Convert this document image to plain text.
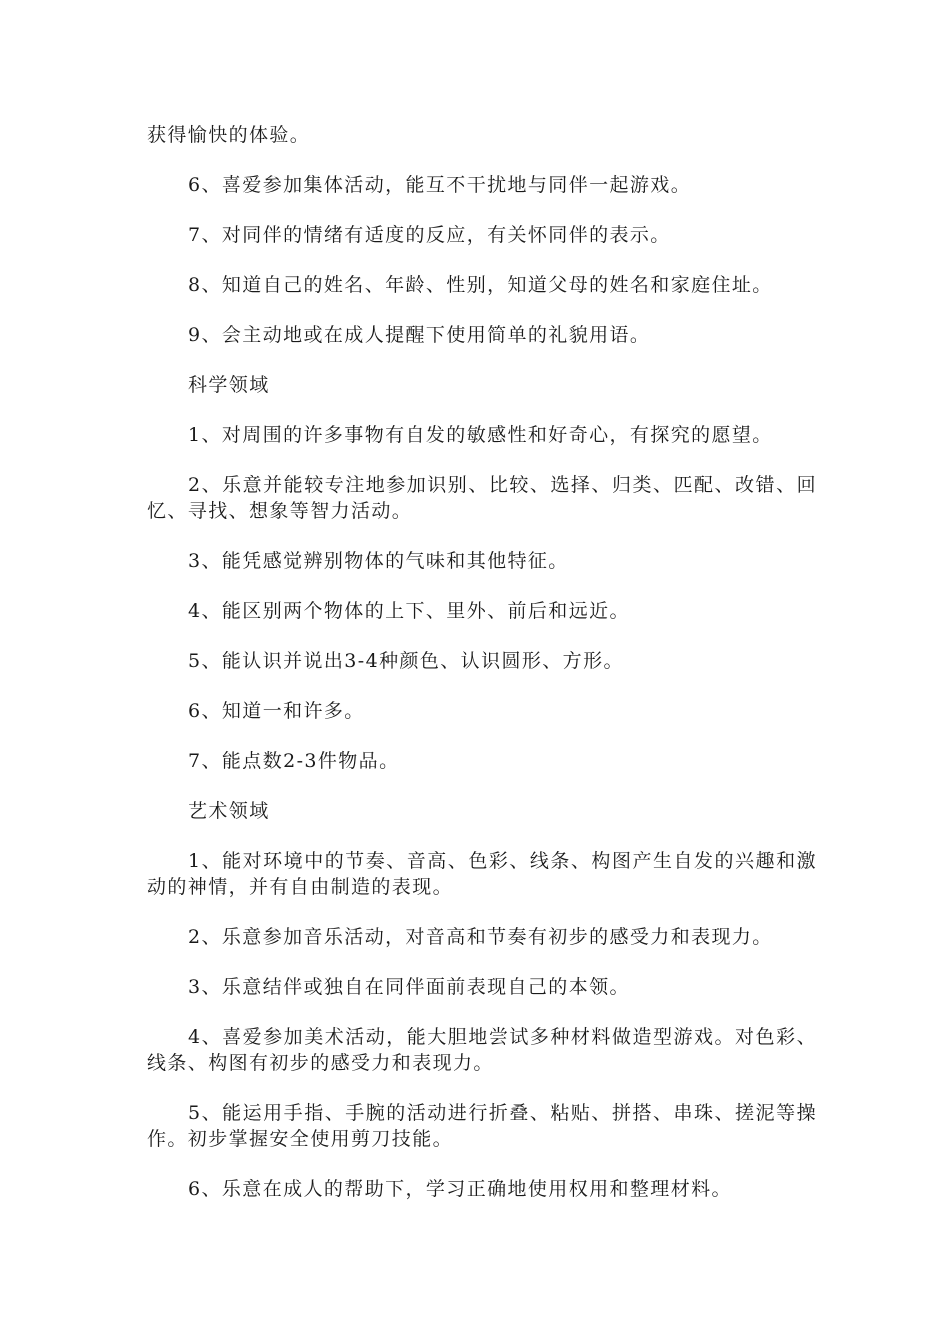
获得愉快的体验。

6、喜爱参加集体活动，能互不干扰地与同伴一起游戏。

7、对同伴的情绪有适度的反应，有关怀同伴的表示。

8、知道自己的姓名、年龄、性别，知道父母的姓名和家庭住址。

9、会主动地或在成人提醒下使用简单的礼貌用语。

科学领域

1、对周围的许多事物有自发的敏感性和好奇心，有探究的愿望。

2、乐意并能较专注地参加识别、比较、选择、归类、匹配、改错、回忆、寻找、想象等智力活动。

3、能凭感觉辨别物体的气味和其他特征。

4、能区别两个物体的上下、里外、前后和远近。

5、能认识并说出3-4种颜色、认识圆形、方形。

6、知道一和许多。

7、能点数2-3件物品。

艺术领域

1、能对环境中的节奏、音高、色彩、线条、构图产生自发的兴趣和激动的神情，并有自由制造的表现。

2、乐意参加音乐活动，对音高和节奏有初步的感受力和表现力。

3、乐意结伴或独自在同伴面前表现自己的本领。

4、喜爱参加美术活动，能大胆地尝试多种材料做造型游戏。对色彩、线条、构图有初步的感受力和表现力。

5、能运用手指、手腕的活动进行折叠、粘贴、拼搭、串珠、搓泥等操作。初步掌握安全使用剪刀技能。

6、乐意在成人的帮助下，学习正确地使用权用和整理材料。
